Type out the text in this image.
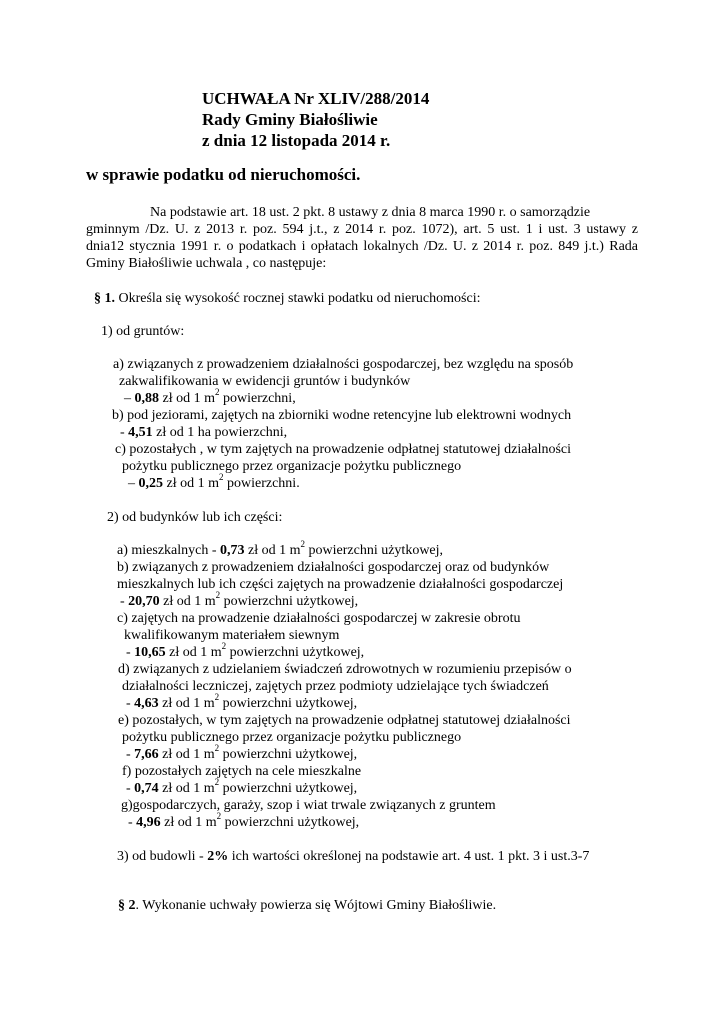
UCHWAŁA Nr XLIV/288/2014
Rady Gminy Białośliwie
z dnia 12 listopada 2014 r.
w sprawie podatku od nieruchomości.
Na podstawie art. 18 ust. 2 pkt. 8 ustawy z dnia 8 marca 1990 r. o samorządzie
gminnym /Dz. U. z 2013 r. poz. 594 j.t., z 2014 r. poz. 1072), art. 5 ust. 1 i ust. 3 ustawy z
dnia12 stycznia 1991 r. o podatkach i opłatach lokalnych /Dz. U. z 2014 r. poz. 849 j.t.) Rada
Gminy Białośliwie uchwala , co następuje:
§ 1. Określa się wysokość rocznej stawki podatku od nieruchomości:
1) od gruntów:
a) związanych z prowadzeniem działalności gospodarczej, bez względu na sposób
zakwalifikowania w ewidencji gruntów i budynków
– 0,88 zł od 1 $m^2$ powierzchni,
b) pod jeziorami, zajętych na zbiorniki wodne retencyjne lub elektrowni wodnych
- 4,51 zł od 1 ha powierzchni,
c) pozostałych , w tym zajętych na prowadzenie odpłatnej statutowej działalności
pożytku publicznego przez organizacje pożytku publicznego
– 0,25 zł od 1 $m^2$ powierzchni.
2) od budynków lub ich części:
a) mieszkalnych - 0,73 zł od 1 $m^2$ powierzchni użytkowej,
b) związanych z prowadzeniem działalności gospodarczej oraz od budynków
mieszkalnych lub ich części zajętych na prowadzenie działalności gospodarczej
- 20,70 zł od 1 $m^2$ powierzchni użytkowej,
c) zajętych na prowadzenie działalności gospodarczej w zakresie obrotu
kwalifikowanym materiałem siewnym
- 10,65 zł od 1 $m^2$ powierzchni użytkowej,
d) związanych z udzielaniem świadczeń zdrowotnych w rozumieniu przepisów o
działalności leczniczej, zajętych przez podmioty udzielające tych świadczeń
- 4,63 zł od 1 $m^2$ powierzchni użytkowej,
e) pozostałych, w tym zajętych na prowadzenie odpłatnej statutowej działalności
pożytku publicznego przez organizacje pożytku publicznego
- 7,66 zł od 1 $m^2$ powierzchni użytkowej,
f) pozostałych zajętych na cele mieszkalne
- 0,74 zł od 1 $m^2$ powierzchni użytkowej,
g)gospodarczych, garaży, szop i wiat trwale związanych z gruntem
- 4,96 zł od 1 $m^2$ powierzchni użytkowej,
3) od budowli - 2% ich wartości określonej na podstawie art. 4 ust. 1 pkt. 3 i ust.3-7
§ 2. Wykonanie uchwały powierza się Wójtowi Gminy Białośliwie.
